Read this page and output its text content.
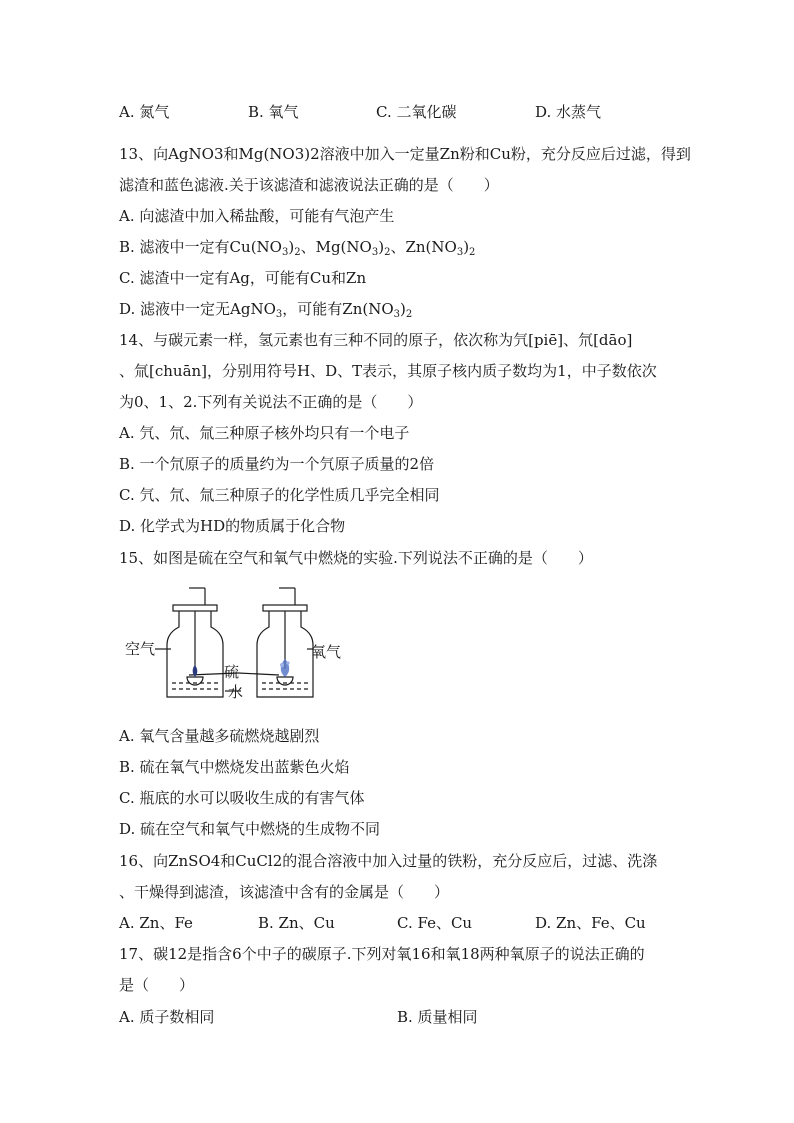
A. 氮气	B. 氧气	C. 二氧化碳	D. 水蒸气
13、向AgNO3和Mg(NO3)2溶液中加入一定量Zn粉和Cu粉，充分反应后过滤，得到
滤渣和蓝色滤液.关于该滤渣和滤液说法正确的是（　　）
A. 向滤渣中加入稀盐酸，可能有气泡产生
B. 滤液中一定有$Cu(NO_3)_2$、$Mg(NO_3)_2$、$Zn(NO_3)_2$
C. 滤渣中一定有Ag，可能有Cu和Zn
D. 滤液中一定无AgNO$_3$，可能有$Zn(NO_3)_2$
14、与碳元素一样，氢元素也有三种不同的原子，依次称为氕[piē]、氘[dāo]
、氚[chuān]，分别用符号H、D、T表示，其原子核内质子数均为1，中子数依次
为0、1、2.下列有关说法不正确的是（　　）
A. 氕、氘、氚三种原子核外均只有一个电子
B. 一个氘原子的质量约为一个氕原子质量的2倍
C. 氕、氘、氚三种原子的化学性质几乎完全相同
D. 化学式为HD的物质属于化合物
15、如图是硫在空气和氧气中燃烧的实验.下列说法不正确的是（　　）
空气
硫
氧气
水
A. 氧气含量越多硫燃烧越剧烈
B. 硫在氧气中燃烧发出蓝紫色火焰
C. 瓶底的水可以吸收生成的有害气体
D. 硫在空气和氧气中燃烧的生成物不同
16、向ZnSO4和CuCl2的混合溶液中加入过量的铁粉，充分反应后，过滤、洗涤
、干燥得到滤渣，该滤渣中含有的金属是（　　）
A. Zn、Fe	B. Zn、Cu	C. Fe、Cu	D. Zn、Fe、Cu
17、碳12是指含6个中子的碳原子.下列对氧16和氧18两种氧原子的说法正确的
是（　　）
A. 质子数相同	B. 质量相同
